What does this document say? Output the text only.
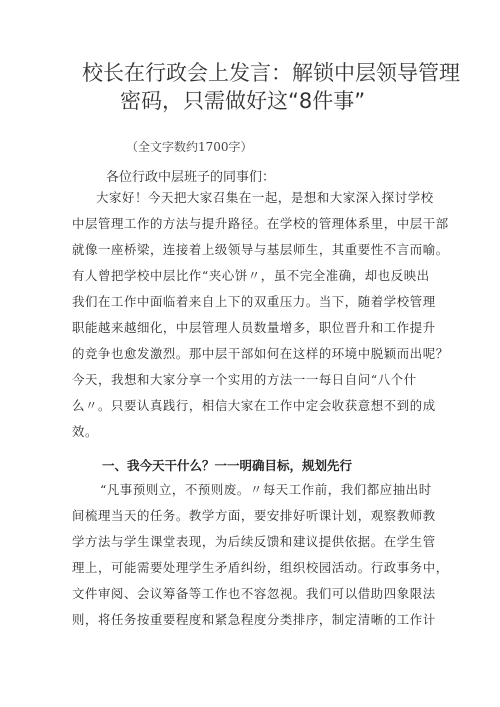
校长在行政会上发言：解锁中层领导管理
密码，只需做好这“8件事”
（全文字数约1700字）
各位行政中层班子的同事们：
大家好！今天把大家召集在一起，是想和大家深入探讨学校
中层管理工作的方法与提升路径。在学校的管理体系里，中层干部
就像一座桥梁，连接着上级领导与基层师生，其重要性不言而喻。
有人曾把学校中层比作“夹心饼〃，虽不完全准确，却也反映出
我们在工作中面临着来自上下的双重压力。当下，随着学校管理
职能越来越细化，中层管理人员数量增多，职位晋升和工作提升
的竞争也愈发激烈。那中层干部如何在这样的环境中脱颖而出呢？
今天，我想和大家分享一个实用的方法一一每日自问“八个什
么〃。只要认真践行，相信大家在工作中定会收获意想不到的成
效。
一、我今天干什么？一一明确目标，规划先行
“凡事预则立，不预则废。〃每天工作前，我们都应抽出时
间梳理当天的任务。教学方面，要安排好听课计划，观察教师教
学方法与学生课堂表现，为后续反馈和建议提供依据。在学生管
理上，可能需要处理学生矛盾纠纷，组织校园活动。行政事务中，
文件审阅、会议筹备等工作也不容忽视。我们可以借助四象限法
则，将任务按重要程度和紧急程度分类排序，制定清晰的工作计
